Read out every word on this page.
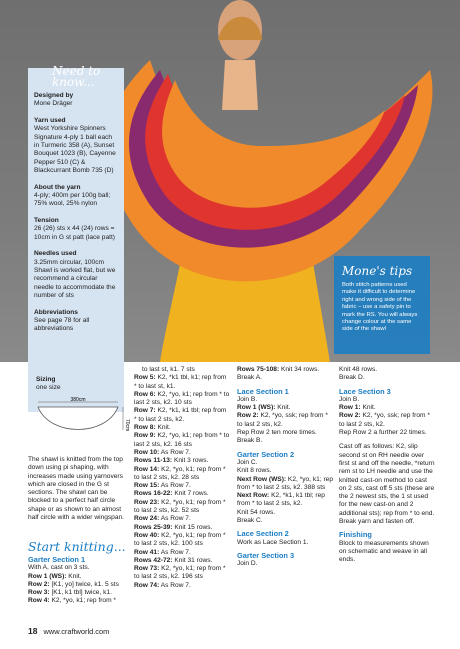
Designed by
Mone Dräger
Yarn used
West Yorkshire Spinners Signature 4-ply 1 ball each in Turmeric 358 (A), Sunset Bouquet 1023 (B), Cayenne Pepper 510 (C) & Blackcurrant Bomb 735 (D)
About the yarn
4-ply; 400m per 100g ball; 75% wool, 25% nylon
Tension
26 (26) sts x 44 (24) rows = 10cm in G st patt (lace patt)
Needles used
3.25mm circular, 100cm Shawl is worked flat, but we recommend a circular needle to accommodate the number of sts
Abbreviations
See page 78 for all abbreviations
Need to know...
Sizing
one size
380cm
70cm
The shawl is knitted from the top down using pi shaping, with increases made using yarnovers which are closed in the G st sections. The shawl can be blocked to a perfect half circle shape or as shown to an almost half circle with a wider wingspan.
Start knitting...
Garter Section 1
With A, cast on 3 sts.
Row 1 (WS): Knit.
Row 2: [K1, yo] twice, k1. 5 sts
Row 3: [K1, k1 tbl] twice, k1.
Row 4: K2, *yo, k1; rep from *
to last st, k1. 7 sts
Row 5: K2, *k1 tbl, k1; rep from * to last st, k1.
Row 6: K2, *yo, k1; rep from * to last 2 sts, k2. 10 sts
Row 7: K2, *k1, k1 tbl; rep from * to last 2 sts, k2.
Row 8: Knit.
Row 9: K2, *yo, k1; rep from * to last 2 sts, k2. 16 sts
Row 10: As Row 7.
Rows 11-13: Knit 3 rows.
Row 14: K2, *yo, k1; rep from * to last 2 sts, k2. 28 sts
Row 15: As Row 7.
Rows 16-22: Knit 7 rows.
Row 23: K2, *yo, k1; rep from * to last 2 sts, k2. 52 sts
Row 24: As Row 7.
Rows 25-39: Knit 15 rows.
Row 40: K2, *yo, k1; rep from * to last 2 sts, k2. 100 sts
Row 41: As Row 7.
Rows 42-72: Knit 31 rows.
Row 73: K2, *yo, k1; rep from * to last 2 sts, k2. 196 sts
Row 74: As Row 7.
Rows 75-108: Knit 34 rows.
Break A.
Lace Section 1
Join B.
Row 1 (WS): Knit.
Row 2: K2, *yo, ssk; rep from * to last 2 sts, k2.
Rep Row 2 ten more times.
Break B.
Garter Section 2
Join C.
Knit 8 rows.
Next Row (WS): K2, *yo, k1; rep from * to last 2 sts, k2. 388 sts
Next Row: K2, *k1, k1 tbl; rep from * to last 2 sts, k2.
Knit 54 rows.
Break C.
Lace Section 2
Work as Lace Section 1.
Garter Section 3
Join D.
Knit 48 rows.
Break D.
Lace Section 3
Join B.
Row 1: Knit.
Row 2: K2, *yo, ssk; rep from * to last 2 sts, k2.
Rep Row 2 a further 22 times.
Cast off as follows: K2, slip second st on RH needle over first st and off the needle, *return rem st to LH needle and use the knitted cast-on method to cast on 2 sts, cast off 5 sts (these are the 2 newest sts, the 1 st used for the new cast-on and 2 additional sts); rep from * to end. Break yarn and fasten off.
Finishing
Block to measurements shown on schematic and weave in all ends.
Mone's tips
Both stitch patterns used make it difficult to determine right and wrong side of the fabric – use a safety pin to mark the RS. You will always change colour at the same side of the shawl
18 www.craftworld.com
